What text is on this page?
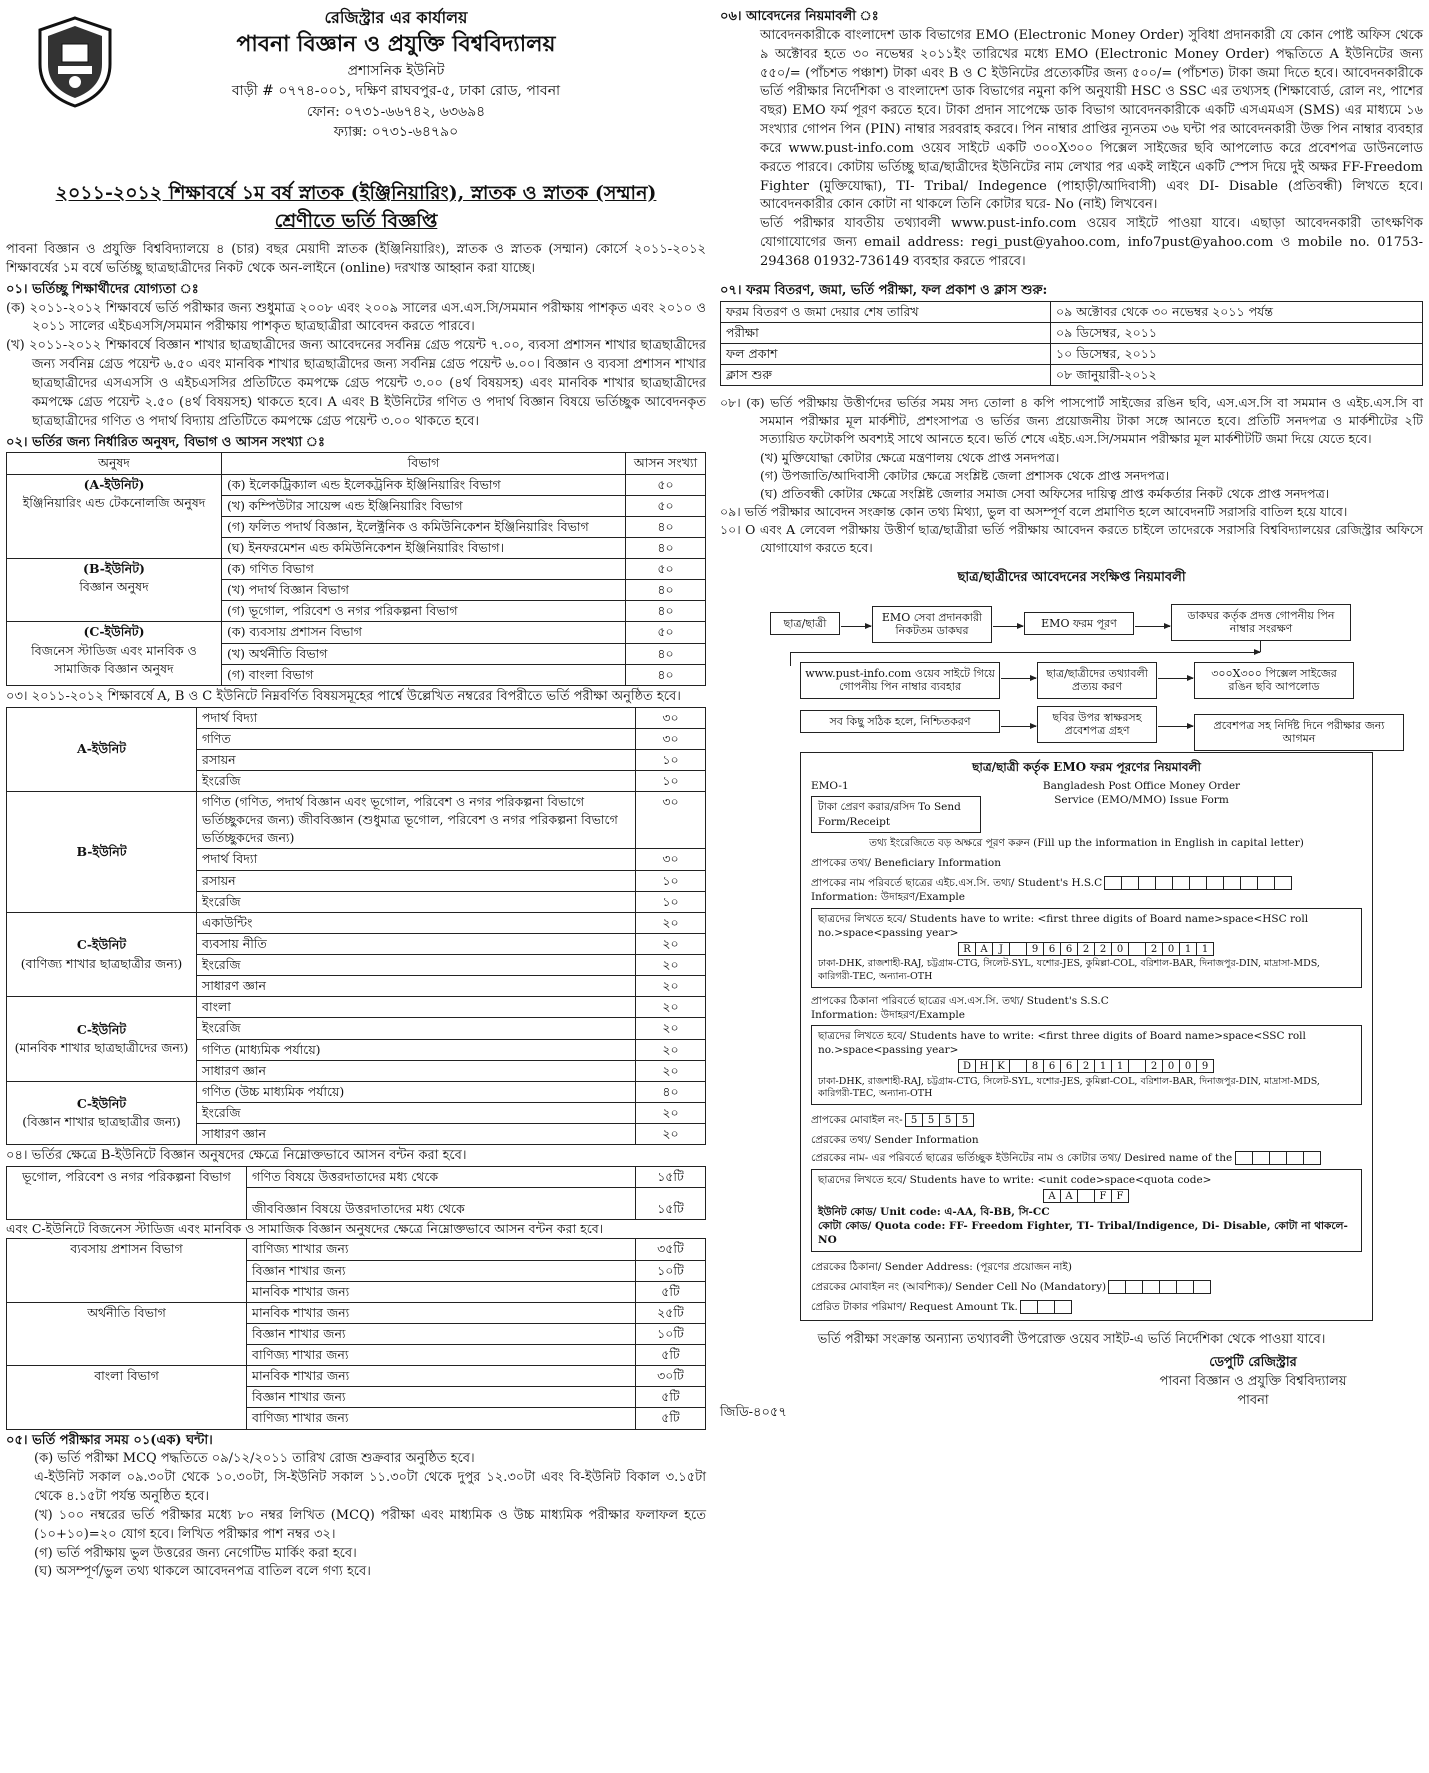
রেজিস্ট্রার এর কার্যালয়
পাবনা বিজ্ঞান ও প্রযুক্তি বিশ্ববিদ্যালয়
প্রশাসনিক ইউনিট
বাড়ী # ০৭৭৪-০০১, দক্ষিণ রাঘবপুর-৫, ঢাকা রোড, পাবনা
ফোন: ০৭৩১-৬৬৭৪২, ৬৩৬৯৪
ফ্যাক্স: ০৭৩১-৬৪৭৯০
২০১১-২০১২ শিক্ষাবর্ষে ১ম বর্ষ স্নাতক (ইঞ্জিনিয়ারিং), স্নাতক ও স্নাতক (সম্মান)
শ্রেণীতে ভর্তি বিজ্ঞপ্তি

পাবনা বিজ্ঞান ও প্রযুক্তি বিশ্ববিদ্যালয়ে ৪ (চার) বছর মেয়াদী স্নাতক (ইঞ্জিনিয়ারিং), স্নাতক ও স্নাতক (সম্মান) কোর্সে ২০১১-২০১২ শিক্ষাবর্ষের ১ম বর্ষে ভর্তিচ্ছু ছাত্রছাত্রীদের নিকট থেকে অন-লাইনে (online) দরখাস্ত আহ্বান করা যাচ্ছে।

০১। ভর্তিচ্ছু শিক্ষার্থীদের যোগ্যতা ঃ

(ক) ২০১১-২০১২ শিক্ষাবর্ষে ভর্তি পরীক্ষার জন্য শুধুমাত্র ২০০৮ এবং ২০০৯ সালের এস.এস.সি/সমমান পরীক্ষায় পাশকৃত এবং ২০১০ ও ২০১১ সালের এইচএসসি/সমমান পরীক্ষায় পাশকৃত ছাত্রছাত্রীরা আবেদন করতে পারবে।

(খ) ২০১১-২০১২ শিক্ষাবর্ষে বিজ্ঞান শাখার ছাত্রছাত্রীদের জন্য আবেদনের সর্বনিম্ন গ্রেড পয়েন্ট ৭.০০, ব্যবসা প্রশাসন শাখার ছাত্রছাত্রীদের জন্য সর্বনিম্ন গ্রেড পয়েন্ট ৬.৫০ এবং মানবিক শাখার ছাত্রছাত্রীদের জন্য সর্বনিম্ন গ্রেড পয়েন্ট ৬.০০। বিজ্ঞান ও ব্যবসা প্রশাসন শাখার ছাত্রছাত্রীদের এসএসসি ও এইচএসসির প্রতিটিতে কমপক্ষে গ্রেড পয়েন্ট ৩.০০ (৪র্থ বিষয়সহ) এবং মানবিক শাখার ছাত্রছাত্রীদের কমপক্ষে গ্রেড পয়েন্ট ২.৫০ (৪র্থ বিষয়সহ) থাকতে হবে। A এবং B ইউনিটের গণিত ও পদার্থ বিজ্ঞান বিষয়ে ভর্তিচ্ছুক আবেদনকৃত ছাত্রছাত্রীদের গণিত ও পদার্থ বিদ্যায় প্রতিটিতে কমপক্ষে গ্রেড পয়েন্ট ৩.০০ থাকতে হবে।

০২। ভর্তির জন্য নির্ধারিত অনুষদ, বিভাগ ও আসন সংখ্যা ঃ
অনুষদ	বিভাগ	আসন সংখ্যা

(A-ইউনিট)
ইঞ্জিনিয়ারিং এন্ড টেকনোলজি অনুষদ	(ক) ইলেকট্রিক্যাল এন্ড ইলেকট্রনিক ইঞ্জিনিয়ারিং বিভাগ	৫০
	(খ) কম্পিউটার সায়েন্স এন্ড ইঞ্জিনিয়ারিং বিভাগ	৫০
	(গ) ফলিত পদার্থ বিজ্ঞান, ইলেক্ট্রনিক ও কমিউনিকেশন ইঞ্জিনিয়ারিং বিভাগ	৪০
	(ঘ) ইনফরমেশন এন্ড কমিউনিকেশন ইঞ্জিনিয়ারিং বিভাগ।	৪০

(B-ইউনিট)
বিজ্ঞান অনুষদ	(ক) গণিত বিভাগ	৫০
	(খ) পদার্থ বিজ্ঞান বিভাগ	৪০
	(গ) ভূগোল, পরিবেশ ও নগর পরিকল্পনা বিভাগ	৪০

(C-ইউনিট)
বিজনেস স্টাডিজ এবং মানবিক ও সামাজিক বিজ্ঞান অনুষদ	(ক) ব্যবসায় প্রশাসন বিভাগ	৫০
	(খ) অর্থনীতি বিভাগ	৪০
	(গ) বাংলা বিভাগ	৪০
০৩। ২০১১-২০১২ শিক্ষাবর্ষে A, B ও C ইউনিটে নিম্নবর্ণিত বিষয়সমূহের পার্শ্বে উল্লেখিত নম্বরের বিপরীতে ভর্তি পরীক্ষা অনুষ্ঠিত হবে।
A-ইউনিট	পদার্থ বিদ্যা	৩০
	গণিত	৩০
	রসায়ন	১০
	ইংরেজি	১০

B-ইউনিট	গণিত (গণিত, পদার্থ বিজ্ঞান এবং ভূগোল, পরিবেশ ও নগর পরিকল্পনা বিভাগে ভর্তিচ্ছুকদের জন্য) জীববিজ্ঞান (শুধুমাত্র ভূগোল, পরিবেশ ও নগর পরিকল্পনা বিভাগে ভর্তিচ্ছুকদের জন্য)	৩০
	পদার্থ বিদ্যা	৩০
	রসায়ন	১০
	ইংরেজি	১০

C-ইউনিট
(বাণিজ্য শাখার ছাত্রছাত্রীর জন্য)	একাউন্টিং	২০
	ব্যবসায় নীতি	২০
	ইংরেজি	২০
	সাধারণ জ্ঞান	২০

C-ইউনিট
(মানবিক শাখার ছাত্রছাত্রীদের জন্য)	বাংলা	২০
	ইংরেজি	২০
	গণিত (মাধ্যমিক পর্যায়ে)	২০
	সাধারণ জ্ঞান	২০

C-ইউনিট
(বিজ্ঞান শাখার ছাত্রছাত্রীর জন্য)	গণিত (উচ্চ মাধ্যমিক পর্যায়ে)	৪০
	ইংরেজি	২০
	সাধারণ জ্ঞান	২০
০৪। ভর্তির ক্ষেত্রে B-ইউনিটে বিজ্ঞান অনুষদের ক্ষেত্রে নিম্নোক্তভাবে আসন বন্টন করা হবে।
ভূগোল, পরিবেশ ও নগর পরিকল্পনা বিভাগ	গণিত বিষয়ে উত্তরদাতাদের মধ্য থেকে	১৫টি
	জীববিজ্ঞান বিষয়ে উত্তরদাতাদের মধ্য থেকে	১৫টি
এবং C-ইউনিটে বিজনেস স্টাডিজ এবং মানবিক ও সামাজিক বিজ্ঞান অনুষদের ক্ষেত্রে নিম্নোক্তভাবে আসন বন্টন করা হবে।
ব্যবসায় প্রশাসন বিভাগ	বাণিজ্য শাখার জন্য	৩৫টি
	বিজ্ঞান শাখার জন্য	১০টি
	মানবিক শাখার জন্য	৫টি
অর্থনীতি বিভাগ	মানবিক শাখার জন্য	২৫টি
	বিজ্ঞান শাখার জন্য	১০টি
	বাণিজ্য শাখার জন্য	৫টি
বাংলা বিভাগ	মানবিক শাখার জন্য	৩০টি
	বিজ্ঞান শাখার জন্য	৫টি
	বাণিজ্য শাখার জন্য	৫টি
০৫। ভর্তি পরীক্ষার সময় ০১(এক) ঘন্টা।

(ক) ভর্তি পরীক্ষা MCQ পদ্ধতিতে ০৯/১২/২০১১ তারিখ রোজ শুক্রবার অনুষ্ঠিত হবে।

এ-ইউনিট সকাল ০৯.৩০টা থেকে ১০.৩০টা, সি-ইউনিট সকাল ১১.৩০টা থেকে দুপুর ১২.৩০টা এবং বি-ইউনিট বিকাল ৩.১৫টা থেকে ৪.১৫টা পর্যন্ত অনুষ্ঠিত হবে।

(খ) ১০০ নম্বরের ভর্তি পরীক্ষার মধ্যে ৮০ নম্বর লিখিত (MCQ) পরীক্ষা এবং মাধ্যমিক ও উচ্চ মাধ্যমিক পরীক্ষার ফলাফল হতে (১০+১০)=২০ যোগ হবে। লিখিত পরীক্ষার পাশ নম্বর ৩২।

(গ) ভর্তি পরীক্ষায় ভুল উত্তরের জন্য নেগেটিভ মার্কিং করা হবে।

(ঘ) অসম্পূর্ণ/ভুল তথ্য থাকলে আবেদনপত্র বাতিল বলে গণ্য হবে।

০৬। আবেদনের নিয়মাবলী ঃ

আবেদনকারীকে বাংলাদেশ ডাক বিভাগের EMO (Electronic Money Order) সুবিধা প্রদানকারী যে কোন পোষ্ট অফিস থেকে ৯ অক্টোবর হতে ৩০ নভেম্বর ২০১১ইং তারিখের মধ্যে EMO (Electronic Money Order) পদ্ধতিতে A ইউনিটের জন্য ৫৫০/= (পাঁচশত পঞ্চাশ) টাকা এবং B ও C ইউনিটের প্রত্যেকটির জন্য ৫০০/= (পাঁচশত) টাকা জমা দিতে হবে। আবেদনকারীকে ভর্তি পরীক্ষার নির্দেশিকা ও বাংলাদেশ ডাক বিভাগের নমুনা কপি অনুযায়ী HSC ও SSC এর তথ্যসহ (শিক্ষাবোর্ড, রোল নং, পাশের বছর) EMO ফর্ম পূরণ করতে হবে। টাকা প্রদান সাপেক্ষে ডাক বিভাগ আবেদনকারীকে একটি এসএমএস (SMS) এর মাধ্যমে ১৬ সংখ্যার গোপন পিন (PIN) নাম্বার সরবরাহ করবে। পিন নাম্বার প্রাপ্তির ন্যূনতম ৩৬ ঘন্টা পর আবেদনকারী উক্ত পিন নাম্বার ব্যবহার করে www.pust-info.com ওয়েব সাইটে একটি ৩০০X৩০০ পিক্সেল সাইজের ছবি আপলোড করে প্রবেশপত্র ডাউনলোড করতে পারবে। কোটায় ভর্তিচ্ছু ছাত্র/ছাত্রীদের ইউনিটের নাম লেখার পর একই লাইনে একটি স্পেস দিয়ে দুই অক্ষর FF-Freedom Fighter (মুক্তিযোদ্ধা), TI- Tribal/ Indegence (পাহাড়ী/আদিবাসী) এবং DI- Disable (প্রতিবন্ধী) লিখতে হবে। আবেদনকারীর কোন কোটা না থাকলে তিনি কোটার ঘরে- No (নাই) লিখবেন।

ভর্তি পরীক্ষার যাবতীয় তথ্যাবলী www.pust-info.com ওয়েব সাইটে পাওয়া যাবে। এছাড়া আবেদনকারী তাৎক্ষণিক যোগাযোগের জন্য email address: regi_pust@yahoo.com, info7pust@yahoo.com ও mobile no. 01753-294368 01932-736149 ব্যবহার করতে পারবে।

০৭। ফরম বিতরণ, জমা, ভর্তি পরীক্ষা, ফল প্রকাশ ও ক্লাস শুরু:
ফরম বিতরণ ও জমা দেয়ার শেষ তারিখ	০৯ অক্টোবর থেকে ৩০ নভেম্বর ২০১১ পর্যন্ত
পরীক্ষা	০৯ ডিসেম্বর, ২০১১
ফল প্রকাশ	১০ ডিসেম্বর, ২০১১
ক্লাস শুরু	০৮ জানুয়ারী-২০১২

০৮। (ক) ভর্তি পরীক্ষায় উত্তীর্ণদের ভর্তির সময় সদ্য তোলা ৪ কপি পাসপোর্ট সাইজের রঙিন ছবি, এস.এস.সি বা সমমান ও এইচ.এস.সি বা সমমান পরীক্ষার মূল মার্কশীট, প্রশংসাপত্র ও ভর্তির জন্য প্রয়োজনীয় টাকা সঙ্গে আনতে হবে। প্রতিটি সনদপত্র ও মার্কশীটের ২টি সত্যায়িত ফটোকপি অবশ্যই সাথে আনতে হবে। ভর্তি শেষে এইচ.এস.সি/সমমান পরীক্ষার মূল মার্কশীটটি জমা দিয়ে যেতে হবে।

(খ) মুক্তিযোদ্ধা কোটার ক্ষেত্রে মন্ত্রণালয় থেকে প্রাপ্ত সনদপত্র।

(গ) উপজাতি/আদিবাসী কোটার ক্ষেত্রে সংশ্লিষ্ট জেলা প্রশাসক থেকে প্রাপ্ত সনদপত্র।

(ঘ) প্রতিবন্ধী কোটার ক্ষেত্রে সংশ্লিষ্ট জেলার সমাজ সেবা অফিসের দায়িত্ব প্রাপ্ত কর্মকর্তার নিকট থেকে প্রাপ্ত সনদপত্র।

০৯। ভর্তি পরীক্ষার আবেদন সংক্রান্ত কোন তথ্য মিথ্যা, ভুল বা অসম্পূর্ণ বলে প্রমাণিত হলে আবেদনটি সরাসরি বাতিল হয়ে যাবে।

১০। O এবং A লেবেল পরীক্ষায় উত্তীর্ণ ছাত্র/ছাত্রীরা ভর্তি পরীক্ষায় আবেদন করতে চাইলে তাদেরকে সরাসরি বিশ্ববিদ্যালয়ের রেজিস্ট্রার অফিসে যোগাযোগ করতে হবে।

ছাত্র/ছাত্রীদের আবেদনের সংক্ষিপ্ত নিয়মাবলী
ছাত্র/ছাত্রী	EMO সেবা প্রদানকারী নিকটতম ডাকঘর
EMO ফরম পূরণ
ডাকঘর কর্তৃক প্রদত্ত গোপনীয় পিন নাম্বার সংরক্ষণ
www.pust-info.com ওয়েব সাইটে গিয়ে গোপনীয় পিন নাম্বার ব্যবহার
ছাত্র/ছাত্রীদের তথ্যাবলী প্রত্যয় করণ
৩০০X৩০০ পিক্সেল সাইজের রঙিন ছবি আপলোড
সব কিছু সঠিক হলে, নিশ্চিতকরণ	ছবির উপর স্বাক্ষরসহ প্রবেশপত্র গ্রহণ	প্রবেশপত্র সহ নির্দিষ্ট দিনে পরীক্ষার জন্য আগমন
ছাত্র/ছাত্রী কর্তৃক EMO ফরম পূরণের নিয়মাবলী
EMO-1
টাকা প্রেরণ করার/রসিদ To Send Form/Receipt
Bangladesh Post Office Money Order Service (EMO/MMO) Issue Form
তথ্য ইংরেজিতে বড় অক্ষরে পূরণ করুন (Fill up the information in English in capital letter)
প্রাপকের তথ্য/ Beneficiary Information
প্রাপকের নাম পরিবর্তে ছাত্রের এইচ.এস.সি. তথ্য/ Student's H.S.C
Information: উদাহরণ/Example
ছাত্রদের লিখতে হবে/ Students have to write: <first three digits of Board name>space<HSC roll no.>space<passing year>
R A	J	9	6	6	2	2	0	2	0	1	1
ঢাকা-DHK, রাজশাহী-RAJ, চট্টগ্রাম-CTG, সিলেট-SYL, যশোর-JES, কুমিল্লা-COL, বরিশাল-BAR, দিনাজপুর-DIN, মাদ্রাসা-MDS, কারিগরী-TEC, অন্যান্য-OTH
প্রাপকের ঠিকানা পরিবর্তে ছাত্রের এস.এস.সি. তথ্য/ Student's S.S.C
Information: উদাহরণ/Example
ছাত্রদের লিখতে হবে/ Students have to write: <first three digits of Board name>space<SSC roll no.>space<passing year>
D H K	8	6	6	2	1	1	2	0	0	9
ঢাকা-DHK, রাজশাহী-RAJ, চট্টগ্রাম-CTG, সিলেট-SYL, যশোর-JES, কুমিল্লা-COL, বরিশাল-BAR, দিনাজপুর-DIN, মাদ্রাসা-MDS, কারিগরী-TEC, অন্যান্য-OTH
প্রাপকের মোবাইল নং- 5	5	5	5
প্রেরকের তথ্য/ Sender Information
প্রেরকের নাম- এর পরিবর্তে ছাত্রের ভর্তিচ্ছুক ইউনিটের নাম ও কোটার তথ্য/ Desired name of the
ছাত্রদের লিখতে হবে/ Students have to write: <unit code>space<quota code>
A A	F	F
ইউনিট কোড/ Unit code: এ-AA, বি-BB, সি-CC
কোটা কোড/ Quota code: FF- Freedom Fighter, TI- Tribal/Indigence, Di- Disable, কোটা না থাকলে- NO
প্রেরকের ঠিকানা/ Sender Address: (পূরণের প্রয়োজন নাই)
প্রেরকের মোবাইল নং (আবশ্যিক)/ Sender Cell No (Mandatory)
প্রেরিত টাকার পরিমাণ/ Request Amount Tk.
ভর্তি পরীক্ষা সংক্রান্ত অন্যান্য তথ্যাবলী উপরোক্ত ওয়েব সাইট-এ ভর্তি নির্দেশিকা থেকে পাওয়া যাবে।
জিডি-৪০৫৭
ডেপুটি রেজিস্ট্রার
পাবনা বিজ্ঞান ও প্রযুক্তি বিশ্ববিদ্যালয়
পাবনা
